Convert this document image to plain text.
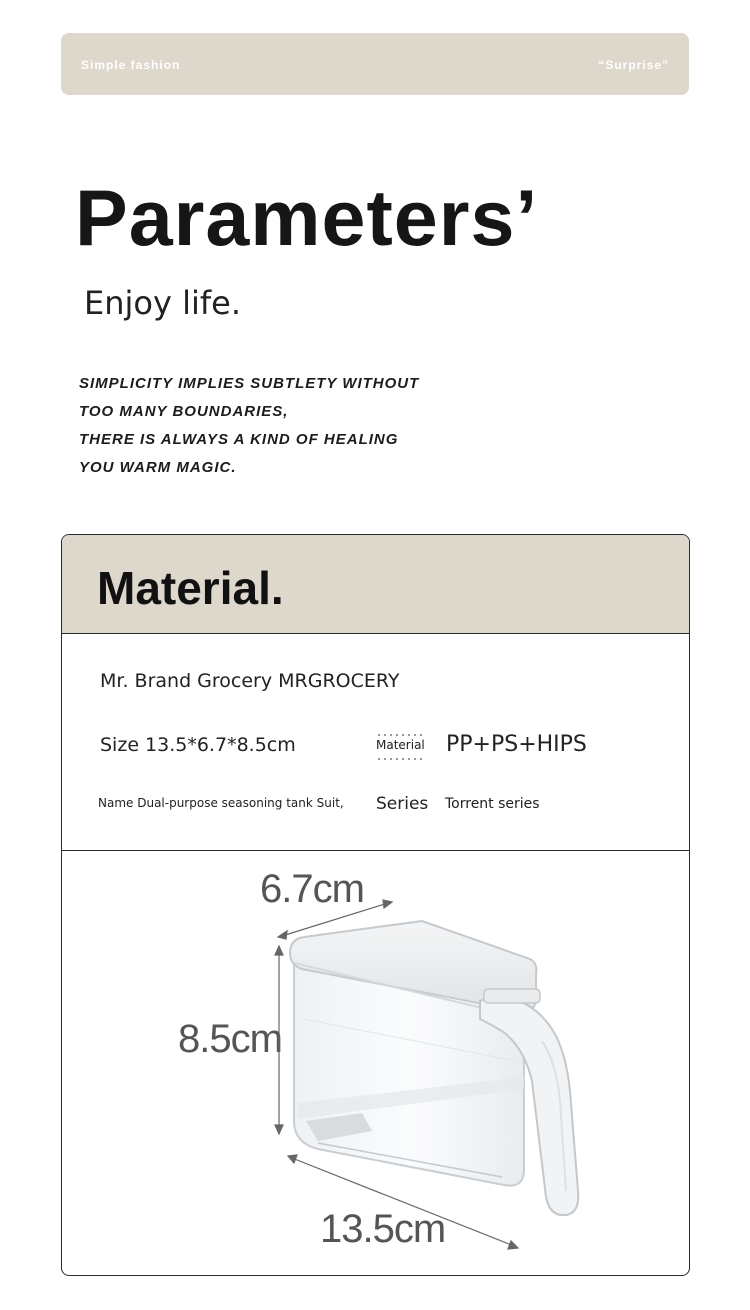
Simple fashion	“Surprise”
Parameters’

Enjoy life.

SIMPLICITY IMPLIES SUBTLETY WITHOUT
TOO MANY BOUNDARIES,
THERE IS ALWAYS A KIND OF HEALING
YOU WARM MAGIC.
Material.
Mr. Brand Grocery MRGROCERY
Size 13.5*6.7*8.5cm	Material PP+PS+HIPS
Name Dual-purpose seasoning tank Suit, Series Torrent series
6.7cm
8.5cm
13.5cm
